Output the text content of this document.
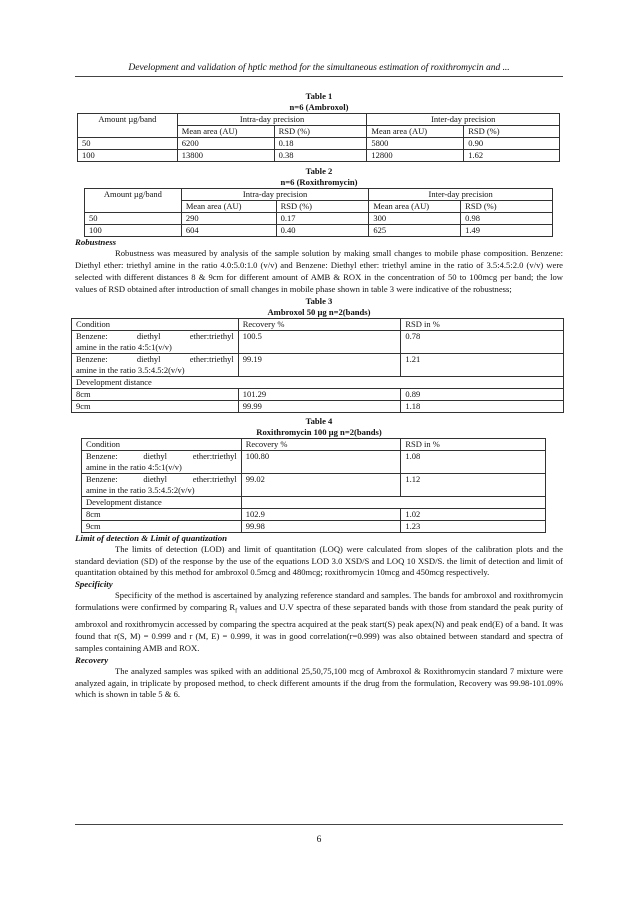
Development and validation of hptlc method for the simultaneous estimation of roxithromycin and ...
Table 1
n=6 (Ambroxol)
Amount µg/band	Intra-day precision		Inter-day precision	
	Mean area (AU)	RSD (%)	Mean area (AU)	RSD (%)
50	6200	0.18	5800	0.90
100	13800	0.38	12800	1.62
Table 2
n=6 (Roxithromycin)
Amount µg/band	Intra-day precision		Inter-day precision	
	Mean area (AU)	RSD (%)	Mean area (AU)	RSD (%)
50	290	0.17	300	0.98
100	604	0.40	625	1.49
Robustness

Robustness was measured by analysis of the sample solution by making small changes to mobile phase composition. Benzene: Diethyl ether: triethyl amine in the ratio 4.0:5.0:1.0 (v/v) and Benzene: Diethyl ether: triethyl amine in the ratio of 3.5:4.5:2.0 (v/v) were selected with different distances 8 & 9cm for different amount of AMB & ROX in the concentration of 50 to 100mcg per band; the low values of RSD obtained after introduction of small changes in mobile phase shown in table 3 were indicative of the robustness;

Table 3
Ambroxol 50 µg n=2(bands)
Condition	Recovery %	RSD in %

Benzene: diethyl ether:triethyl
amine in the ratio 4:5:1(v/v)	100.5	0.78

Benzene: diethyl ether:triethyl
amine in the ratio 3.5:4.5:2(v/v)	99.19	1.21
Development distance		
8cm	101.29	0.89
9cm	99.99	1.18
Table 4
Roxithromycin 100 µg n=2(bands)
Condition	Recovery %	RSD in %

Benzene: diethyl ether:triethyl
amine in the ratio 4:5:1(v/v)	100.80	1.08

Benzene: diethyl ether:triethyl
amine in the ratio 3.5:4.5:2(v/v)	99.02	1.12
Development distance		
8cm	102.9	1.02
9cm	99.98	1.23
Limit of detection & Limit of quantization

The limits of detection (LOD) and limit of quantitation (LOQ) were calculated from slopes of the calibration plots and the standard deviation (SD) of the response by the use of the equations LOD 3.0 XSD/S and LOQ 10 XSD/S. the limit of detection and limit of quantitation obtained by this method for ambroxol 0.5mcg and 480mcg; roxithromycin 10mcg and 450mcg respectively.

Specificity

Specificity of the method is ascertained by analyzing reference standard and samples. The bands for ambroxol and roxithromycin formulations were confirmed by comparing $R_f$ values and U.V spectra of these separated bands with those from standard the peak purity of ambroxol and roxithromycin accessed by comparing the spectra acquired at the peak start(S) peak apex(N) and peak end(E) of a band. It was found that r(S, M) = 0.999 and r (M, E) = 0.999, it was in good correlation(r=0.999) was also obtained between standard and spectra of samples containing AMB and ROX.

Recovery

The analyzed samples was spiked with an additional 25,50,75,100 mcg of Ambroxol & Roxithromycin standard 7 mixture were analyzed again, in triplicate by proposed method, to check different amounts if the drug from the formulation, Recovery was 99.98-101.09% which is shown in table 5 & 6.

6
